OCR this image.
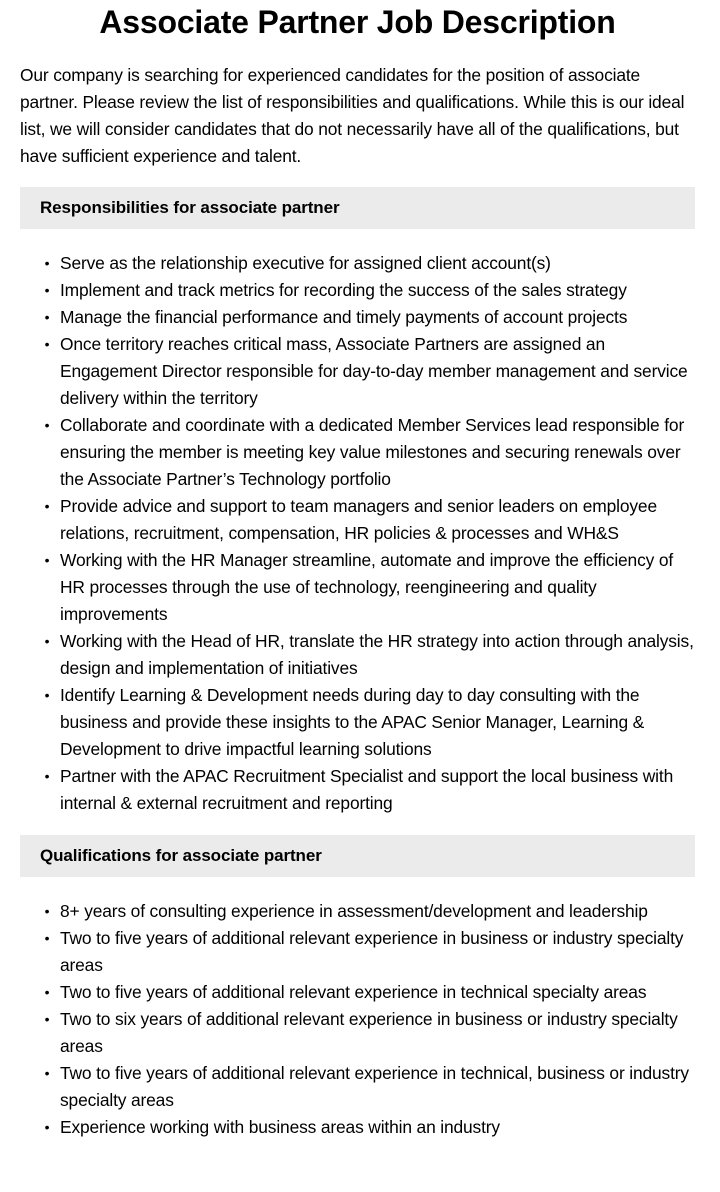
Associate Partner Job Description

Our company is searching for experienced candidates for the position of associate partner. Please review the list of responsibilities and qualifications. While this is our ideal list, we will consider candidates that do not necessarily have all of the qualifications, but have sufficient experience and talent.

Responsibilities for associate partner
• Serve as the relationship executive for assigned client account(s)
• Implement and track metrics for recording the success of the sales strategy
• Manage the financial performance and timely payments of account projects
• Once territory reaches critical mass, Associate Partners are assigned an Engagement Director responsible for day-to-day member management and service delivery within the territory
• Collaborate and coordinate with a dedicated Member Services lead responsible for ensuring the member is meeting key value milestones and securing renewals over the Associate Partner’s Technology portfolio
• Provide advice and support to team managers and senior leaders on employee relations, recruitment, compensation, HR policies & processes and WH&S
• Working with the HR Manager streamline, automate and improve the efficiency of HR processes through the use of technology, reengineering and quality improvements
• Working with the Head of HR, translate the HR strategy into action through analysis, design and implementation of initiatives
• Identify Learning & Development needs during day to day consulting with the business and provide these insights to the APAC Senior Manager, Learning & Development to drive impactful learning solutions
• Partner with the APAC Recruitment Specialist and support the local business with internal & external recruitment and reporting
Qualifications for associate partner
• 8+ years of consulting experience in assessment/development and leadership
• Two to five years of additional relevant experience in business or industry specialty areas
• Two to five years of additional relevant experience in technical specialty areas
• Two to six years of additional relevant experience in business or industry specialty areas
• Two to five years of additional relevant experience in technical, business or industry specialty areas
• Experience working with business areas within an industry
